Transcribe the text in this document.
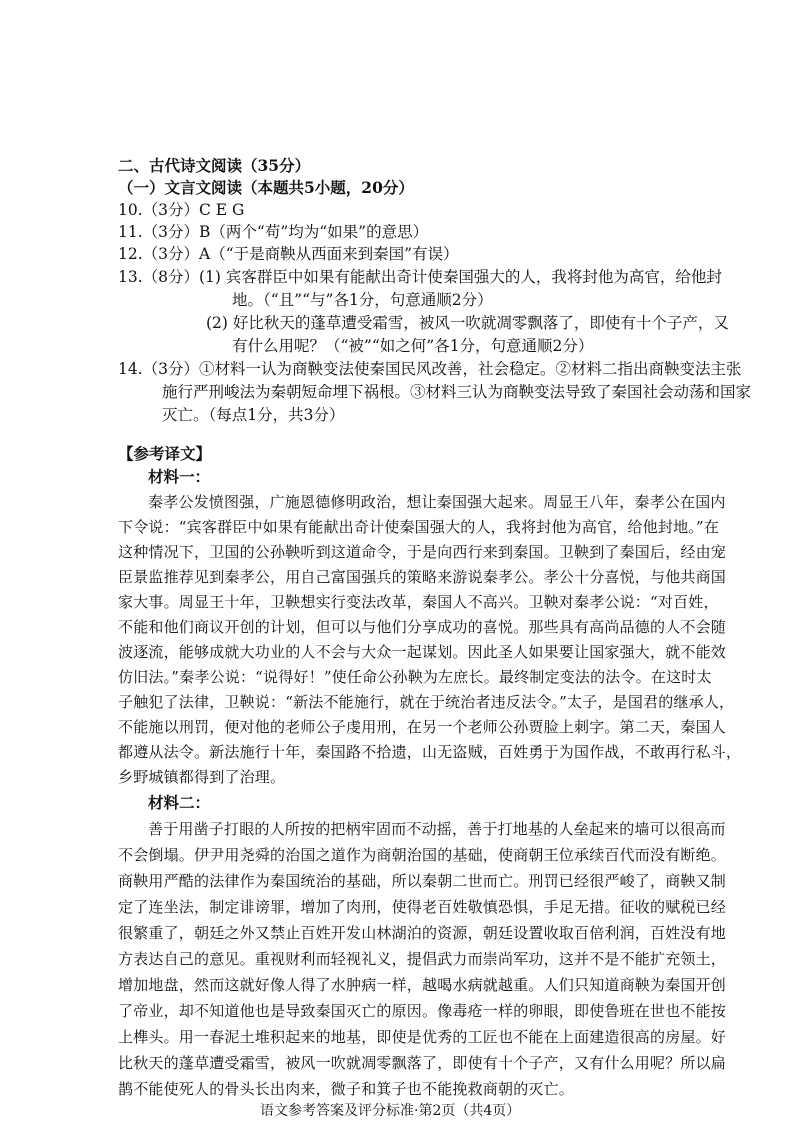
二、古代诗文阅读（35分）

（一）文言文阅读（本题共5小题，20分）

10.（3分）C E G

11.（3分）B（两个“苟”均为“如果”的意思）

12.（3分）A（“于是商鞅从西面来到秦国”有误）

13.（8分）(1) 宾客群臣中如果有能献出奇计使秦国强大的人，我将封他为高官，给他封

地。（“且”“与”各1分，句意通顺2分）

(2) 好比秋天的蓬草遭受霜雪，被风一吹就凋零飘落了，即使有十个子产，又

有什么用呢？（“被”“如之何”各1分，句意通顺2分）

14.（3分）①材料一认为商鞅变法使秦国民风改善，社会稳定。②材料二指出商鞅变法主张

施行严刑峻法为秦朝短命埋下祸根。③材料三认为商鞅变法导致了秦国社会动荡和国家

灭亡。（每点1分，共3分）

【参考译文】

材料一：

秦孝公发愤图强，广施恩德修明政治，想让秦国强大起来。周显王八年，秦孝公在国内

下令说：“宾客群臣中如果有能献出奇计使秦国强大的人，我将封他为高官，给他封地。”在

这种情况下，卫国的公孙鞅听到这道命令，于是向西行来到秦国。卫鞅到了秦国后，经由宠

臣景监推荐见到秦孝公，用自己富国强兵的策略来游说秦孝公。孝公十分喜悦，与他共商国

家大事。周显王十年，卫鞅想实行变法改革，秦国人不高兴。卫鞅对秦孝公说：“对百姓，

不能和他们商议开创的计划，但可以与他们分享成功的喜悦。那些具有高尚品德的人不会随

波逐流，能够成就大功业的人不会与大众一起谋划。因此圣人如果要让国家强大，就不能效

仿旧法。”秦孝公说：“说得好！”使任命公孙鞅为左庶长。最终制定变法的法令。在这时太

子触犯了法律，卫鞅说：“新法不能施行，就在于统治者违反法令。”太子，是国君的继承人，

不能施以刑罚，便对他的老师公子虔用刑，在另一个老师公孙贾脸上刺字。第二天，秦国人

都遵从法令。新法施行十年，秦国路不拾遗，山无盗贼，百姓勇于为国作战，不敢再行私斗，

乡野城镇都得到了治理。

材料二：

善于用凿子打眼的人所按的把柄牢固而不动摇，善于打地基的人垒起来的墙可以很高而

不会倒塌。伊尹用尧舜的治国之道作为商朝治国的基础，使商朝王位承续百代而没有断绝。

商鞅用严酷的法律作为秦国统治的基础，所以秦朝二世而亡。刑罚已经很严峻了，商鞅又制

定了连坐法，制定诽谤罪，增加了肉刑，使得老百姓敬慎恐惧，手足无措。征收的赋税已经

很繁重了，朝廷之外又禁止百姓开发山林湖泊的资源，朝廷设置收取百倍利润，百姓没有地

方表达自己的意见。重视财利而轻视礼义，提倡武力而崇尚军功，这并不是不能扩充领土，

增加地盘，然而这就好像人得了水肿病一样，越喝水病就越重。人们只知道商鞅为秦国开创

了帝业，却不知道他也是导致秦国灭亡的原因。像毒疮一样的卵眼，即使鲁班在世也不能按

上榫头。用一春泥土堆积起来的地基，即使是优秀的工匠也不能在上面建造很高的房屋。好

比秋天的蓬草遭受霜雪，被风一吹就凋零飘落了，即使有十个子产，又有什么用呢？所以扁

鹊不能使死人的骨头长出肉来，微子和箕子也不能挽救商朝的灭亡。

语文参考答案及评分标准·第2页（共4页）
